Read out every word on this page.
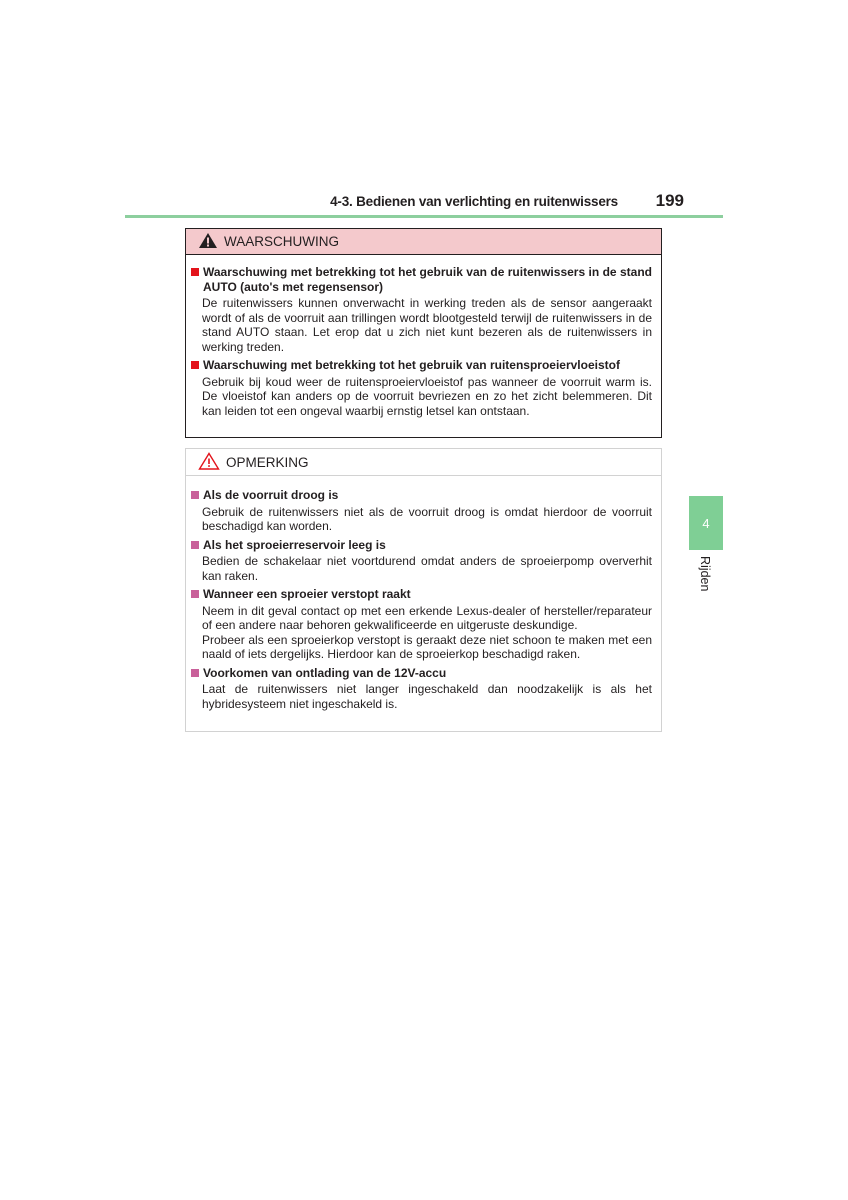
4-3. Bedienen van verlichting en ruitenwissers	199
4
Rijden
WAARSCHUWING
Waarschuwing met betrekking tot het gebruik van de ruitenwissers in de stand AUTO (auto's met regensensor)
De ruitenwissers kunnen onverwacht in werking treden als de sensor aangeraakt wordt of als de voorruit aan trillingen wordt blootgesteld terwijl de ruitenwissers in de stand AUTO staan. Let erop dat u zich niet kunt bezeren als de ruitenwissers in werking treden.
Waarschuwing met betrekking tot het gebruik van ruitensproeiervloeistof
Gebruik bij koud weer de ruitensproeiervloeistof pas wanneer de voorruit warm is. De vloeistof kan anders op de voorruit bevriezen en zo het zicht belemmeren. Dit kan leiden tot een ongeval waarbij ernstig letsel kan ontstaan.
OPMERKING
Als de voorruit droog is
Gebruik de ruitenwissers niet als de voorruit droog is omdat hierdoor de voorruit beschadigd kan worden.
Als het sproeierreservoir leeg is
Bedien de schakelaar niet voortdurend omdat anders de sproeierpomp oververhit kan raken.
Wanneer een sproeier verstopt raakt
Neem in dit geval contact op met een erkende Lexus-dealer of hersteller/reparateur of een andere naar behoren gekwalificeerde en uitgeruste deskundige.
Probeer als een sproeierkop verstopt is geraakt deze niet schoon te maken met een naald of iets dergelijks. Hierdoor kan de sproeierkop beschadigd raken.
Voorkomen van ontlading van de 12V-accu
Laat de ruitenwissers niet langer ingeschakeld dan noodzakelijk is als het hybridesysteem niet ingeschakeld is.
